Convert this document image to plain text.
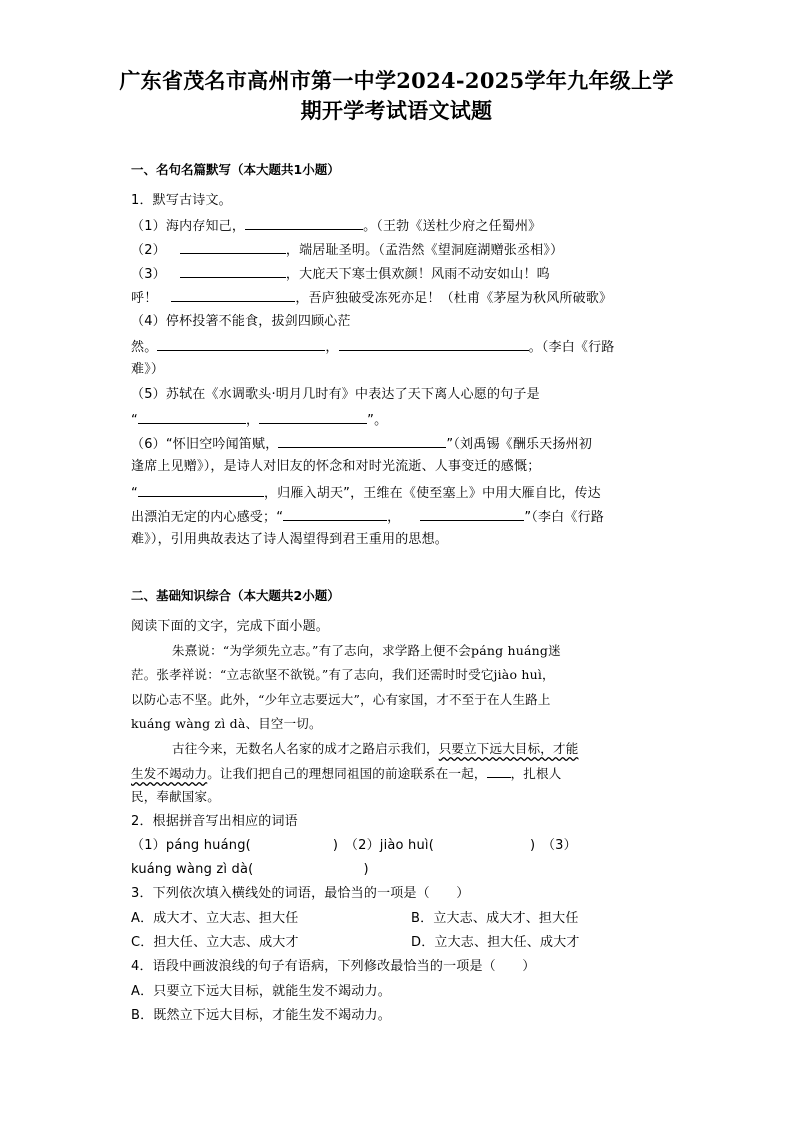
广东省茂名市高州市第一中学2024-2025学年九年级上学
期开学考试语文试题
一、名句名篇默写（本大题共1小题）
1．默写古诗文。
（1）海内存知己，	。（王勃《送杜少府之任蜀州》
（2）	，端居耻圣明。（孟浩然《望洞庭湖赠张丞相》）
（3）	，大庇天下寒士俱欢颜！风雨不动安如山！呜
呼！	，吾庐独破受冻死亦足！（杜甫《茅屋为秋风所破歌》
（4）停杯投箸不能食，拔剑四顾心茫
然。	，	。（李白《行路
难》）
（5）苏轼在《水调歌头·明月几时有》中表达了天下离人心愿的句子是
“	，	”。
（6）“怀旧空吟闻笛赋，	”（刘禹锡《酬乐天扬州初
逢席上见赠》），是诗人对旧友的怀念和对时光流逝、人事变迁的感慨；
“	，归雁入胡天”，王维在《使至塞上》中用大雁自比，传达
出漂泊无定的内心感受；“	，	”（李白《行路
难》），引用典故表达了诗人渴望得到君王重用的思想。
二、基础知识综合（本大题共2小题）
阅读下面的文字，完成下面小题。
朱熹说：“为学须先立志。”有了志向，求学路上便不会páng huáng迷
茫。张孝祥说：“立志欲坚不欲锐。”有了志向，我们还需时时受它jiào huì，
以防心志不坚。此外，“少年立志要远大”，心有家国，才不至于在人生路上
kuáng wàng zì dà、目空一切。
古往今来，无数名人名家的成才之路启示我们，只要立下远大目标，才能
生发不竭动力。让我们把自己的理想同祖国的前途联系在一起， ，扎根人
民，奉献国家。
2．根据拼音写出相应的词语
（1）páng huáng(	)　（2）jiào huì(	)　（3）
kuáng wàng zì dà(	)
3．下列依次填入横线处的词语，最恰当的一项是（　　）
A．成大才、立大志、担大任	B．立大志、成大才、担大任
C．担大任、立大志、成大才	D．立大志、担大任、成大才
4．语段中画波浪线的句子有语病，下列修改最恰当的一项是（　　）
A．只要立下远大目标，就能生发不竭动力。
B．既然立下远大目标，才能生发不竭动力。
